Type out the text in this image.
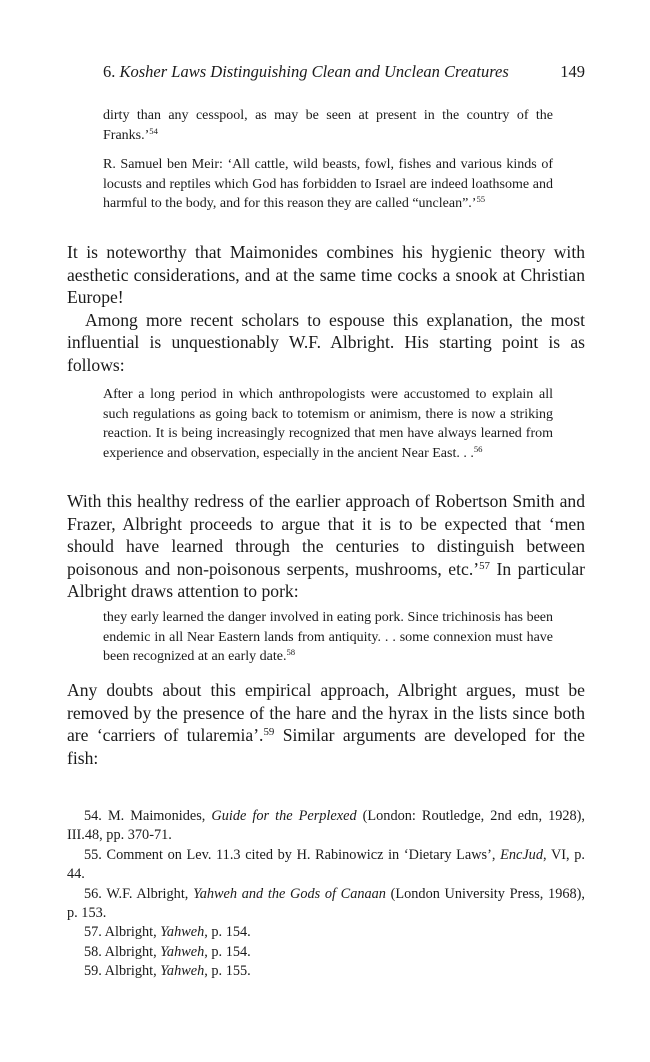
6. Kosher Laws Distinguishing Clean and Unclean Creatures	149

dirty than any cesspool, as may be seen at present in the country of the Franks.’$^{54}$

R. Samuel ben Meir: ‘All cattle, wild beasts, fowl, fishes and various kinds of locusts and reptiles which God has forbidden to Israel are indeed loathsome and harmful to the body, and for this reason they are called “unclean”.’$^{55}$

It is noteworthy that Maimonides combines his hygienic theory with aesthetic considerations, and at the same time cocks a snook at Christian Europe!

Among more recent scholars to espouse this explanation, the most influential is unquestionably W.F. Albright. His starting point is as follows:

After a long period in which anthropologists were accustomed to explain all such regulations as going back to totemism or animism, there is now a striking reaction. It is being increasingly recognized that men have always learned from experience and observation, especially in the ancient Near East. . .$^{56}$

With this healthy redress of the earlier approach of Robertson Smith and Frazer, Albright proceeds to argue that it is to be expected that ‘men should have learned through the centuries to distinguish between poisonous and non-poisonous serpents, mushrooms, etc.’$^{57}$ In particular Albright draws attention to pork:

they early learned the danger involved in eating pork. Since trichinosis has been endemic in all Near Eastern lands from antiquity. . . some connexion must have been recognized at an early date.$^{58}$

Any doubts about this empirical approach, Albright argues, must be removed by the presence of the hare and the hyrax in the lists since both are ‘carriers of tularemia’.$^{59}$ Similar arguments are developed for the fish:

54. M. Maimonides, Guide for the Perplexed (London: Routledge, 2nd edn, 1928), III.48, pp. 370-71.

55. Comment on Lev. 11.3 cited by H. Rabinowicz in ‘Dietary Laws’, EncJud, VI, p. 44.

56. W.F. Albright, Yahweh and the Gods of Canaan (London University Press, 1968), p. 153.

57. Albright, Yahweh, p. 154.

58. Albright, Yahweh, p. 154.

59. Albright, Yahweh, p. 155.
